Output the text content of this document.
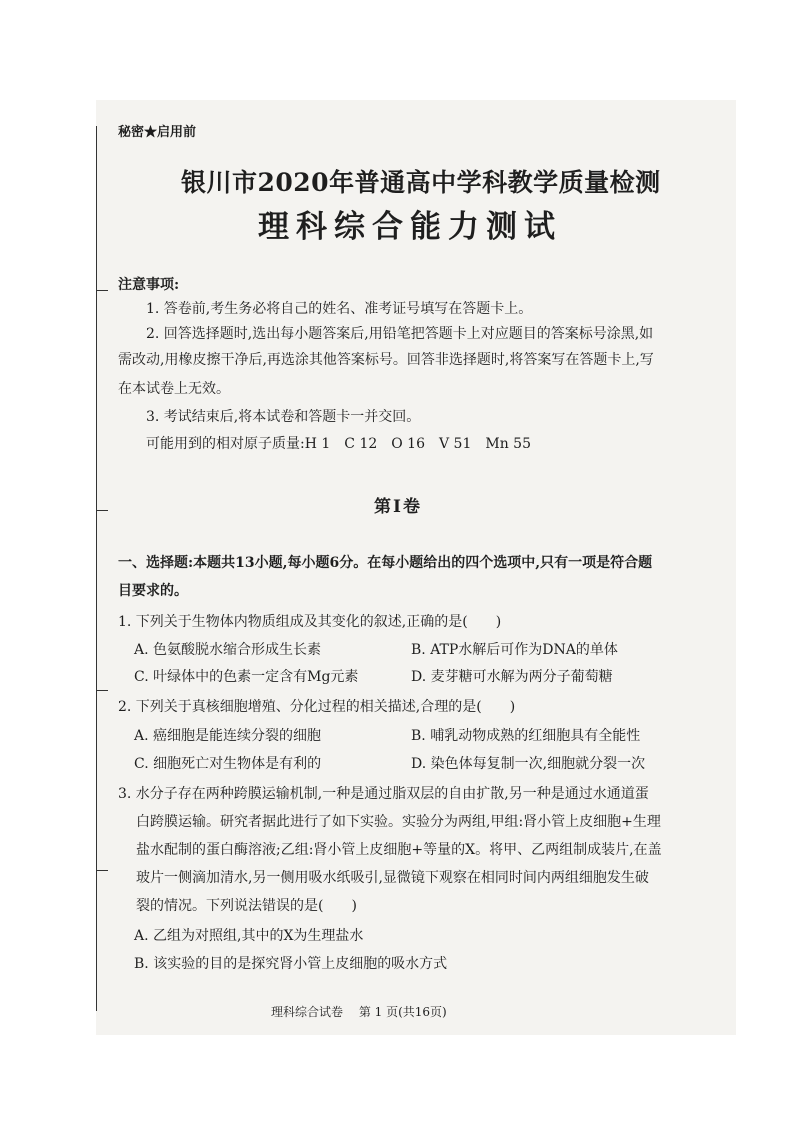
秘密★启用前
银川市2020年普通高中学科教学质量检测
理科综合能力测试
注意事项:
1. 答卷前,考生务必将自己的姓名、准考证号填写在答题卡上。
2. 回答选择题时,选出每小题答案后,用铅笔把答题卡上对应题目的答案标号涂黑,如
需改动,用橡皮擦干净后,再选涂其他答案标号。回答非选择题时,将答案写在答题卡上,写
在本试卷上无效。
3. 考试结束后,将本试卷和答题卡一并交回。
可能用到的相对原子质量:H 1　C 12　O 16　V 51　Mn 55
第Ⅰ卷
一、选择题:本题共13小题,每小题6分。在每小题给出的四个选项中,只有一项是符合题
目要求的。
1. 下列关于生物体内物质组成及其变化的叙述,正确的是(　　)
A. 色氨酸脱水缩合形成生长素	B. ATP水解后可作为DNA的单体
C. 叶绿体中的色素一定含有Mg元素	D. 麦芽糖可水解为两分子葡萄糖
2. 下列关于真核细胞增殖、分化过程的相关描述,合理的是(　　)
A. 癌细胞是能连续分裂的细胞	B. 哺乳动物成熟的红细胞具有全能性
C. 细胞死亡对生物体是有利的	D. 染色体每复制一次,细胞就分裂一次
3. 水分子存在两种跨膜运输机制,一种是通过脂双层的自由扩散,另一种是通过水通道蛋
白跨膜运输。研究者据此进行了如下实验。实验分为两组,甲组:肾小管上皮细胞+生理
盐水配制的蛋白酶溶液;乙组:肾小管上皮细胞+等量的X。将甲、乙两组制成装片,在盖
玻片一侧滴加清水,另一侧用吸水纸吸引,显微镜下观察在相同时间内两组细胞发生破
裂的情况。下列说法错误的是(　　)
A. 乙组为对照组,其中的X为生理盐水
B. 该实验的目的是探究肾小管上皮细胞的吸水方式
理科综合试卷　 第 1 页(共16页)
